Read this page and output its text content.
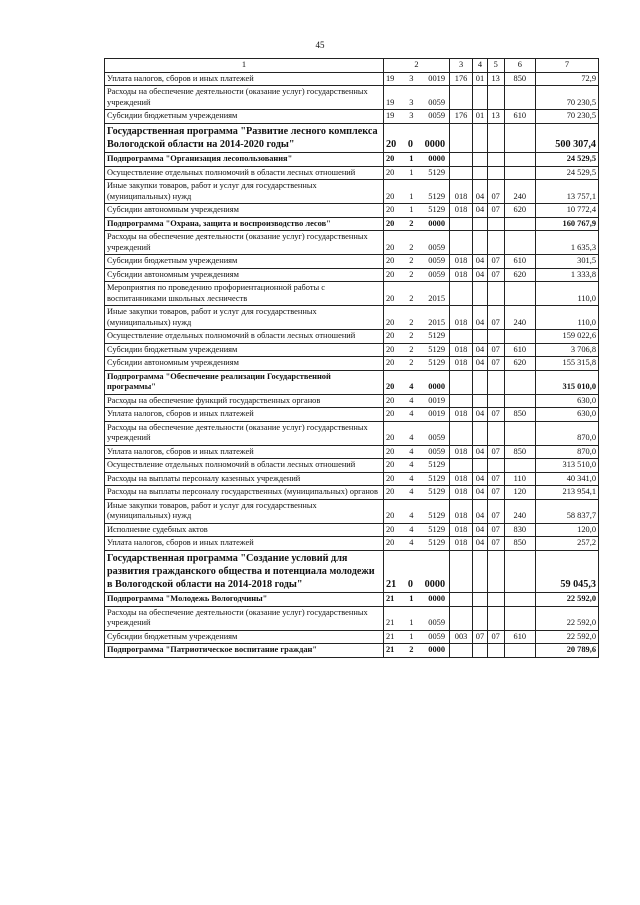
45
1	2	3	4	5	6	7
Уплата налогов, сборов и иных платежей	19 3 0019	176	01	13	850	72,9
Расходы на обеспечение деятельности (оказание услуг) государственных учреждений	19 3 0059					70 230,5
Субсидии бюджетным учреждениям	19 3 0059	176	01	13	610	70 230,5
Государственная программа "Развитие лесного комплекса Вологодской области на 2014-2020 годы"	20 0 0000					500 307,4
Подпрограмма "Организация лесопользования"	20 1 0000					24 529,5
Осуществление отдельных полномочий в области лесных отношений	20 1 5129					24 529,5
Иные закупки товаров, работ и услуг для государственных (муниципальных) нужд	20 1 5129	018	04	07	240	13 757,1
Субсидии автономным учреждениям	20 1 5129	018	04	07	620	10 772,4
Подпрограмма "Охрана, защита и воспроизводство лесов"	20 2 0000					160 767,9
Расходы на обеспечение деятельности (оказание услуг) государственных учреждений	20 2 0059					1 635,3
Субсидии бюджетным учреждениям	20 2 0059	018	04	07	610	301,5
Субсидии автономным учреждениям	20 2 0059	018	04	07	620	1 333,8
Мероприятия по проведению профориентационной работы с воспитанниками школьных лесничеств	20 2 2015					110,0
Иные закупки товаров, работ и услуг для государственных (муниципальных) нужд	20 2 2015	018	04	07	240	110,0
Осуществление отдельных полномочий в области лесных отношений	20 2 5129					159 022,6
Субсидии бюджетным учреждениям	20 2 5129	018	04	07	610	3 706,8
Субсидии автономным учреждениям	20 2 5129	018	04	07	620	155 315,8
Подпрограмма "Обеспечение реализации Государственной программы"	20 4 0000					315 010,0
Расходы на обеспечение функций государственных органов	20 4 0019					630,0
Уплата налогов, сборов и иных платежей	20 4 0019	018	04	07	850	630,0
Расходы на обеспечение деятельности (оказание услуг) государственных учреждений	20 4 0059					870,0
Уплата налогов, сборов и иных платежей	20 4 0059	018	04	07	850	870,0
Осуществление отдельных полномочий в области лесных отношений	20 4 5129					313 510,0
Расходы на выплаты персоналу казенных учреждений	20 4 5129	018	04	07	110	40 341,0
Расходы на выплаты персоналу государственных (муниципальных) органов	20 4 5129	018	04	07	120	213 954,1
Иные закупки товаров, работ и услуг для государственных (муниципальных) нужд	20 4 5129	018	04	07	240	58 837,7
Исполнение судебных актов	20 4 5129	018	04	07	830	120,0
Уплата налогов, сборов и иных платежей	20 4 5129	018	04	07	850	257,2
Государственная программа "Создание условий для развития гражданского общества и потенциала молодежи в Вологодской области на 2014-2018 годы"	21 0 0000					59 045,3
Подпрограмма "Молодежь Вологодчины"	21 1 0000					22 592,0
Расходы на обеспечение деятельности (оказание услуг) государственных учреждений	21 1 0059					22 592,0
Субсидии бюджетным учреждениям	21 1 0059	003	07	07	610	22 592,0
Подпрограмма "Патриотическое воспитание граждан"	21 2 0000					20 789,6
